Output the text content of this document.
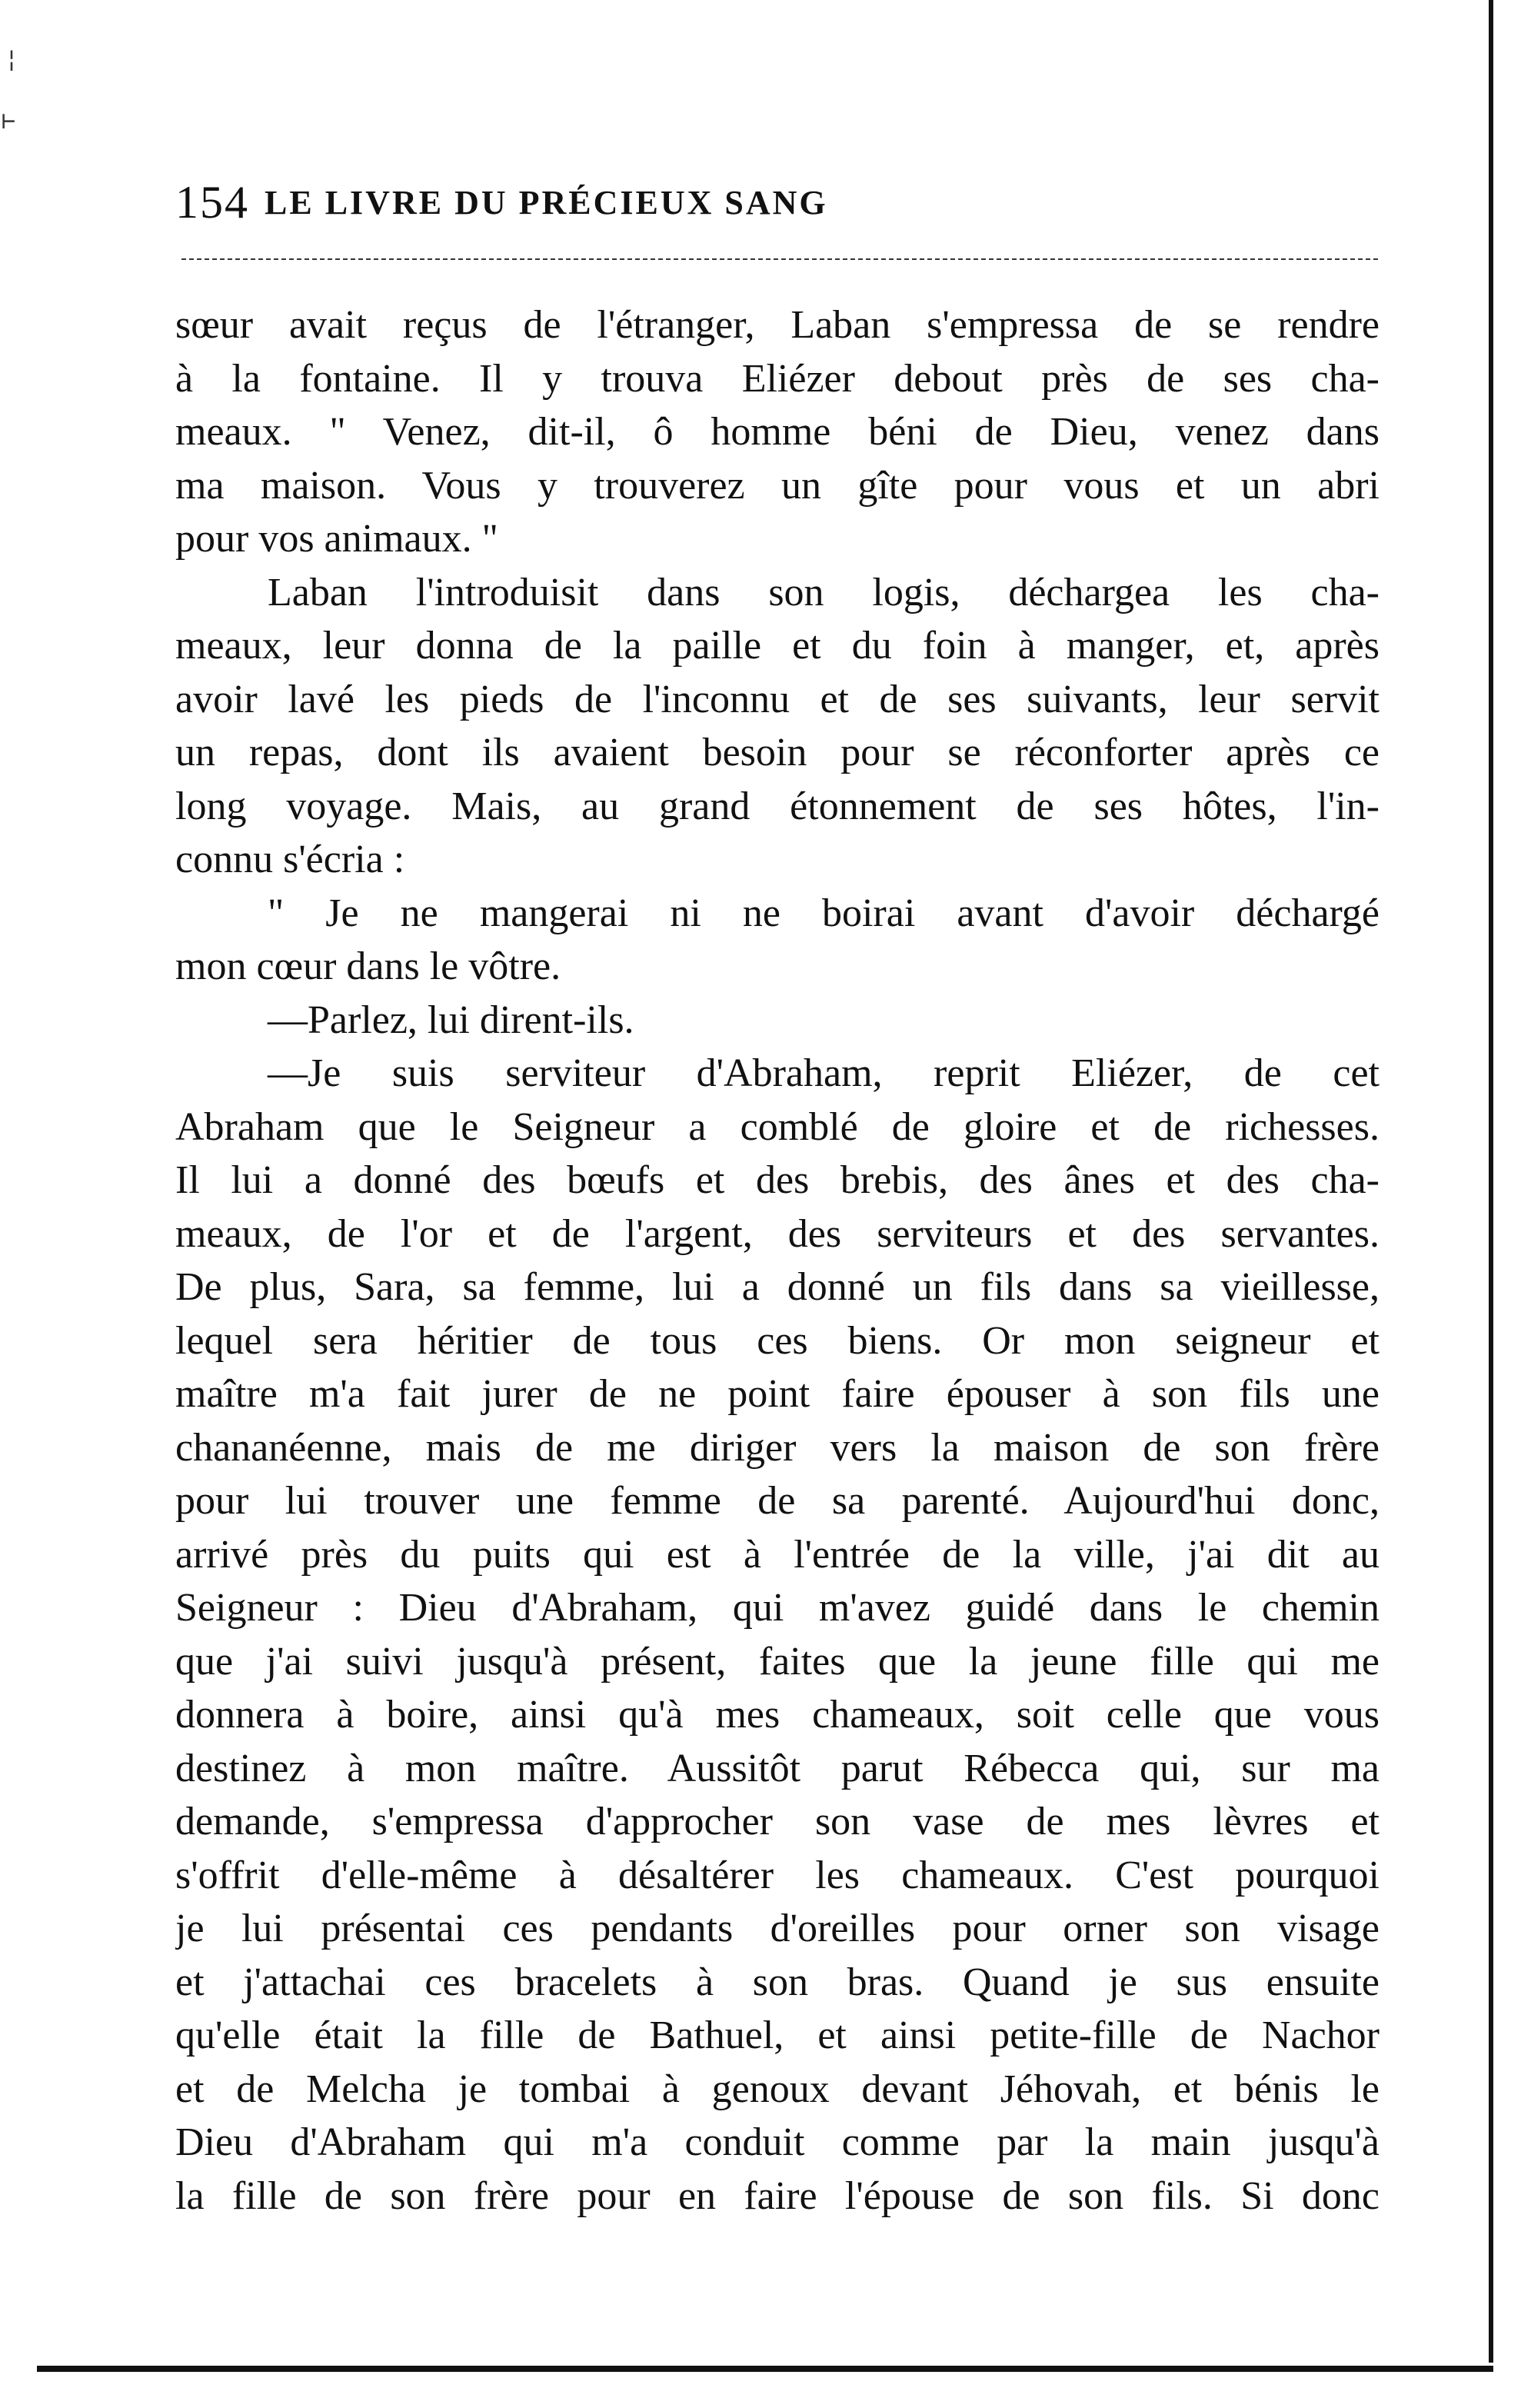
¦
⊢
154 LE LIVRE DU PRÉCIEUX SANG
sœur avait reçus de l'étranger, Laban s'empressa de se rendre
à la fontaine. Il y trouva Eliézer debout près de ses cha-
meaux. " Venez, dit-il, ô homme béni de Dieu, venez dans
ma maison. Vous y trouverez un gîte pour vous et un abri
pour vos animaux. "
Laban l'introduisit dans son logis, déchargea les cha-
meaux, leur donna de la paille et du foin à manger, et, après
avoir lavé les pieds de l'inconnu et de ses suivants, leur servit
un repas, dont ils avaient besoin pour se réconforter après ce
long voyage. Mais, au grand étonnement de ses hôtes, l'in-
connu s'écria :
" Je ne mangerai ni ne boirai avant d'avoir déchargé
mon cœur dans le vôtre.
—Parlez, lui dirent-ils.
—Je suis serviteur d'Abraham, reprit Eliézer, de cet
Abraham que le Seigneur a comblé de gloire et de richesses.
Il lui a donné des bœufs et des brebis, des ânes et des cha-
meaux, de l'or et de l'argent, des serviteurs et des servantes.
De plus, Sara, sa femme, lui a donné un fils dans sa vieillesse,
lequel sera héritier de tous ces biens. Or mon seigneur et
maître m'a fait jurer de ne point faire épouser à son fils une
chananéenne, mais de me diriger vers la maison de son frère
pour lui trouver une femme de sa parenté. Aujourd'hui donc,
arrivé près du puits qui est à l'entrée de la ville, j'ai dit au
Seigneur : Dieu d'Abraham, qui m'avez guidé dans le chemin
que j'ai suivi jusqu'à présent, faites que la jeune fille qui me
donnera à boire, ainsi qu'à mes chameaux, soit celle que vous
destinez à mon maître. Aussitôt parut Rébecca qui, sur ma
demande, s'empressa d'approcher son vase de mes lèvres et
s'offrit d'elle-même à désaltérer les chameaux. C'est pourquoi
je lui présentai ces pendants d'oreilles pour orner son visage
et j'attachai ces bracelets à son bras. Quand je sus ensuite
qu'elle était la fille de Bathuel, et ainsi petite-fille de Nachor
et de Melcha je tombai à genoux devant Jéhovah, et bénis le
Dieu d'Abraham qui m'a conduit comme par la main jusqu'à
la fille de son frère pour en faire l'épouse de son fils. Si donc
